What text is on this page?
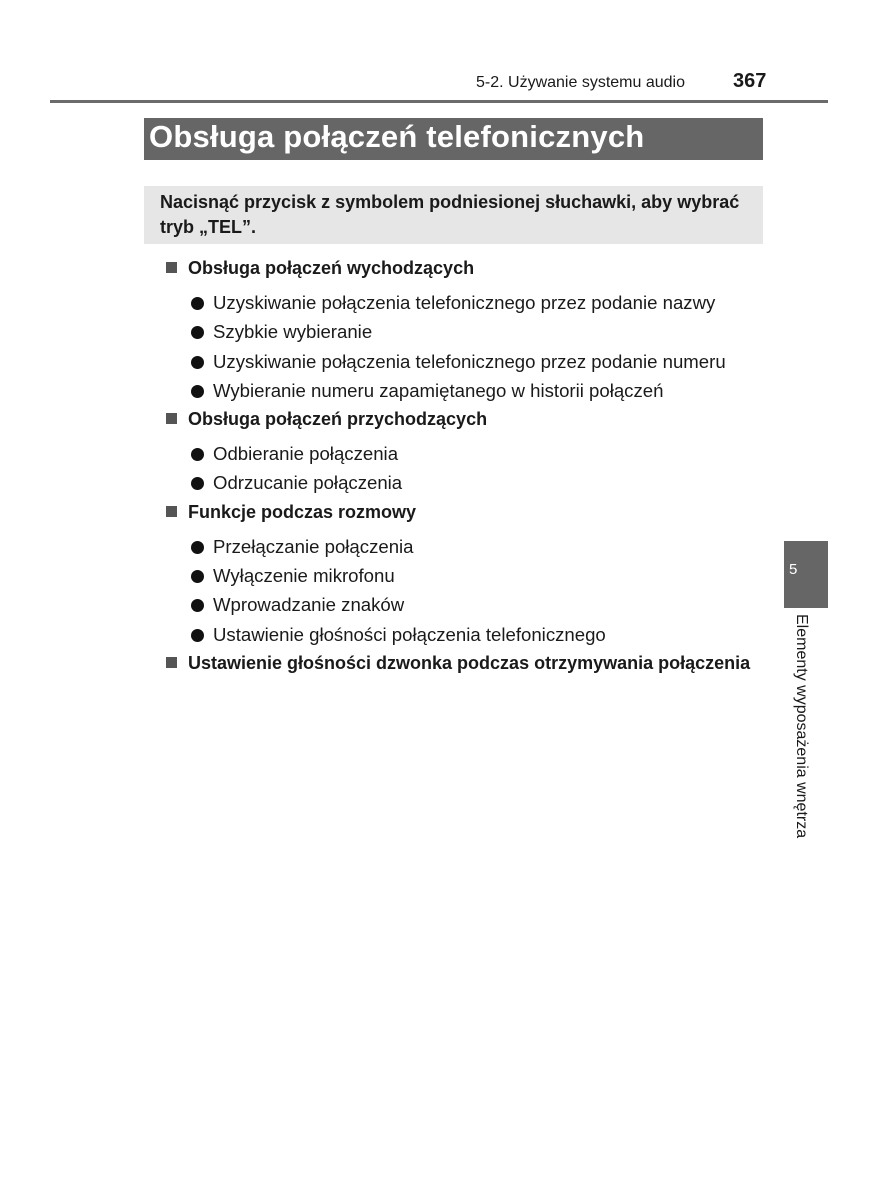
5-2. Używanie systemu audio 367
Obsługa połączeń telefonicznych
Nacisnąć przycisk z symbolem podniesionej słuchawki, aby wybrać tryb „TEL”.
Obsługa połączeń wychodzących
Uzyskiwanie połączenia telefonicznego przez podanie nazwy
Szybkie wybieranie
Uzyskiwanie połączenia telefonicznego przez podanie numeru
Wybieranie numeru zapamiętanego w historii połączeń
Obsługa połączeń przychodzących
Odbieranie połączenia
Odrzucanie połączenia
Funkcje podczas rozmowy
Przełączanie połączenia
Wyłączenie mikrofonu
Wprowadzanie znaków
Ustawienie głośności połączenia telefonicznego
Ustawienie głośności dzwonka podczas otrzymywania połączenia
5
Elementy wyposażenia wnętrza
